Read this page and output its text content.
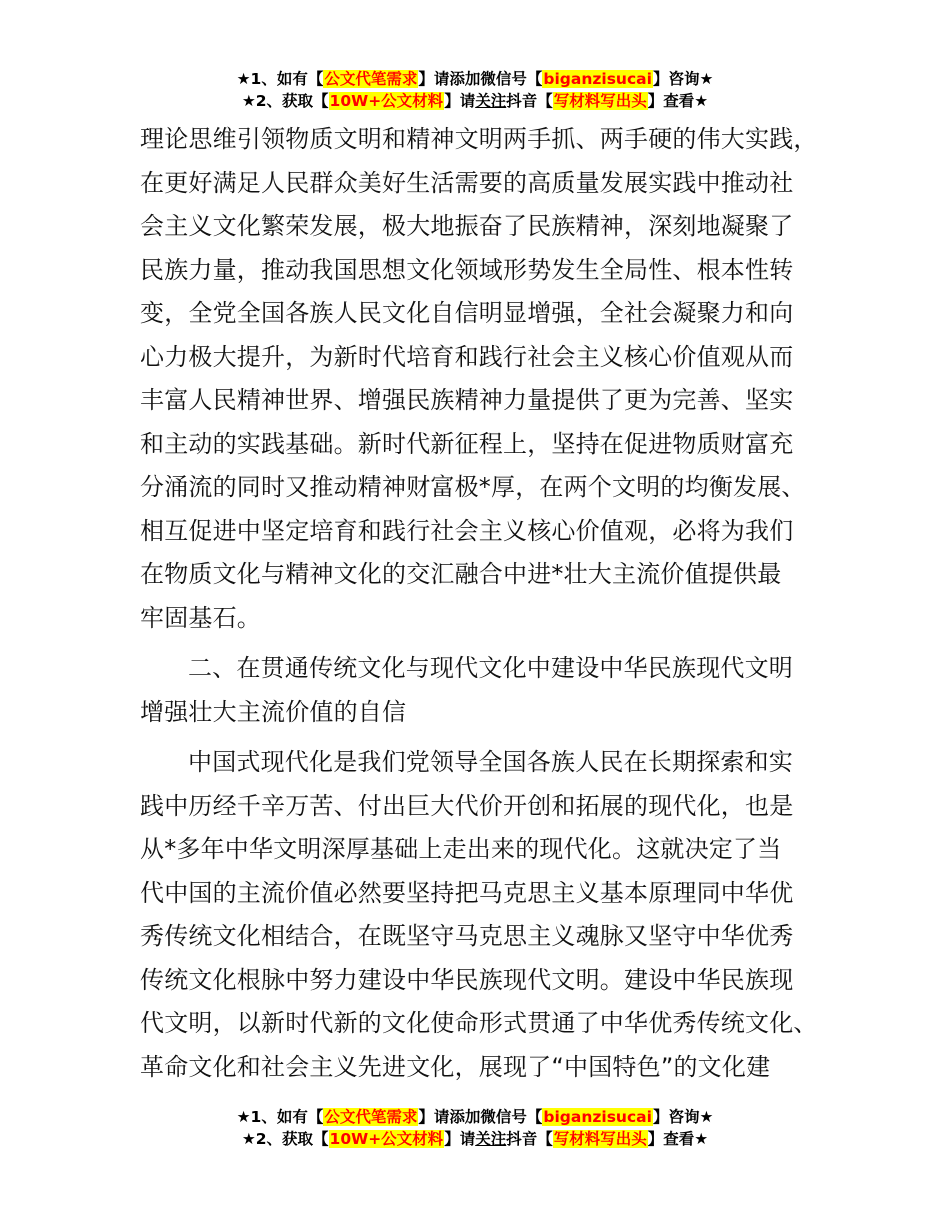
★1、如有【公文代笔需求】请添加微信号【biganzisucai】咨询★
★2、获取【10W+公文材料】请关注抖音【写材料写出头】查看★

理论思维引领物质文明和精神文明两手抓、两手硬的伟大实践，

在更好满足人民群众美好生活需要的高质量发展实践中推动社

会主义文化繁荣发展，极大地振奋了民族精神，深刻地凝聚了

民族力量，推动我国思想文化领域形势发生全局性、根本性转

变，全党全国各族人民文化自信明显增强，全社会凝聚力和向

心力极大提升，为新时代培育和践行社会主义核心价值观从而

丰富人民精神世界、增强民族精神力量提供了更为完善、坚实

和主动的实践基础。新时代新征程上，坚持在促进物质财富充

分涌流的同时又推动精神财富极*厚，在两个文明的均衡发展、

相互促进中坚定培育和践行社会主义核心价值观，必将为我们

在物质文化与精神文化的交汇融合中进*壮大主流价值提供最

牢固基石。

二、在贯通传统文化与现代文化中建设中华民族现代文明

增强壮大主流价值的自信

中国式现代化是我们党领导全国各族人民在长期探索和实

践中历经千辛万苦、付出巨大代价开创和拓展的现代化，也是

从*多年中华文明深厚基础上走出来的现代化。这就决定了当

代中国的主流价值必然要坚持把马克思主义基本原理同中华优

秀传统文化相结合，在既坚守马克思主义魂脉又坚守中华优秀

传统文化根脉中努力建设中华民族现代文明。建设中华民族现

代文明，以新时代新的文化使命形式贯通了中华优秀传统文化、

革命文化和社会主义先进文化，展现了“中国特色”的文化建

★1、如有【公文代笔需求】请添加微信号【biganzisucai】咨询★
★2、获取【10W+公文材料】请关注抖音【写材料写出头】查看★
